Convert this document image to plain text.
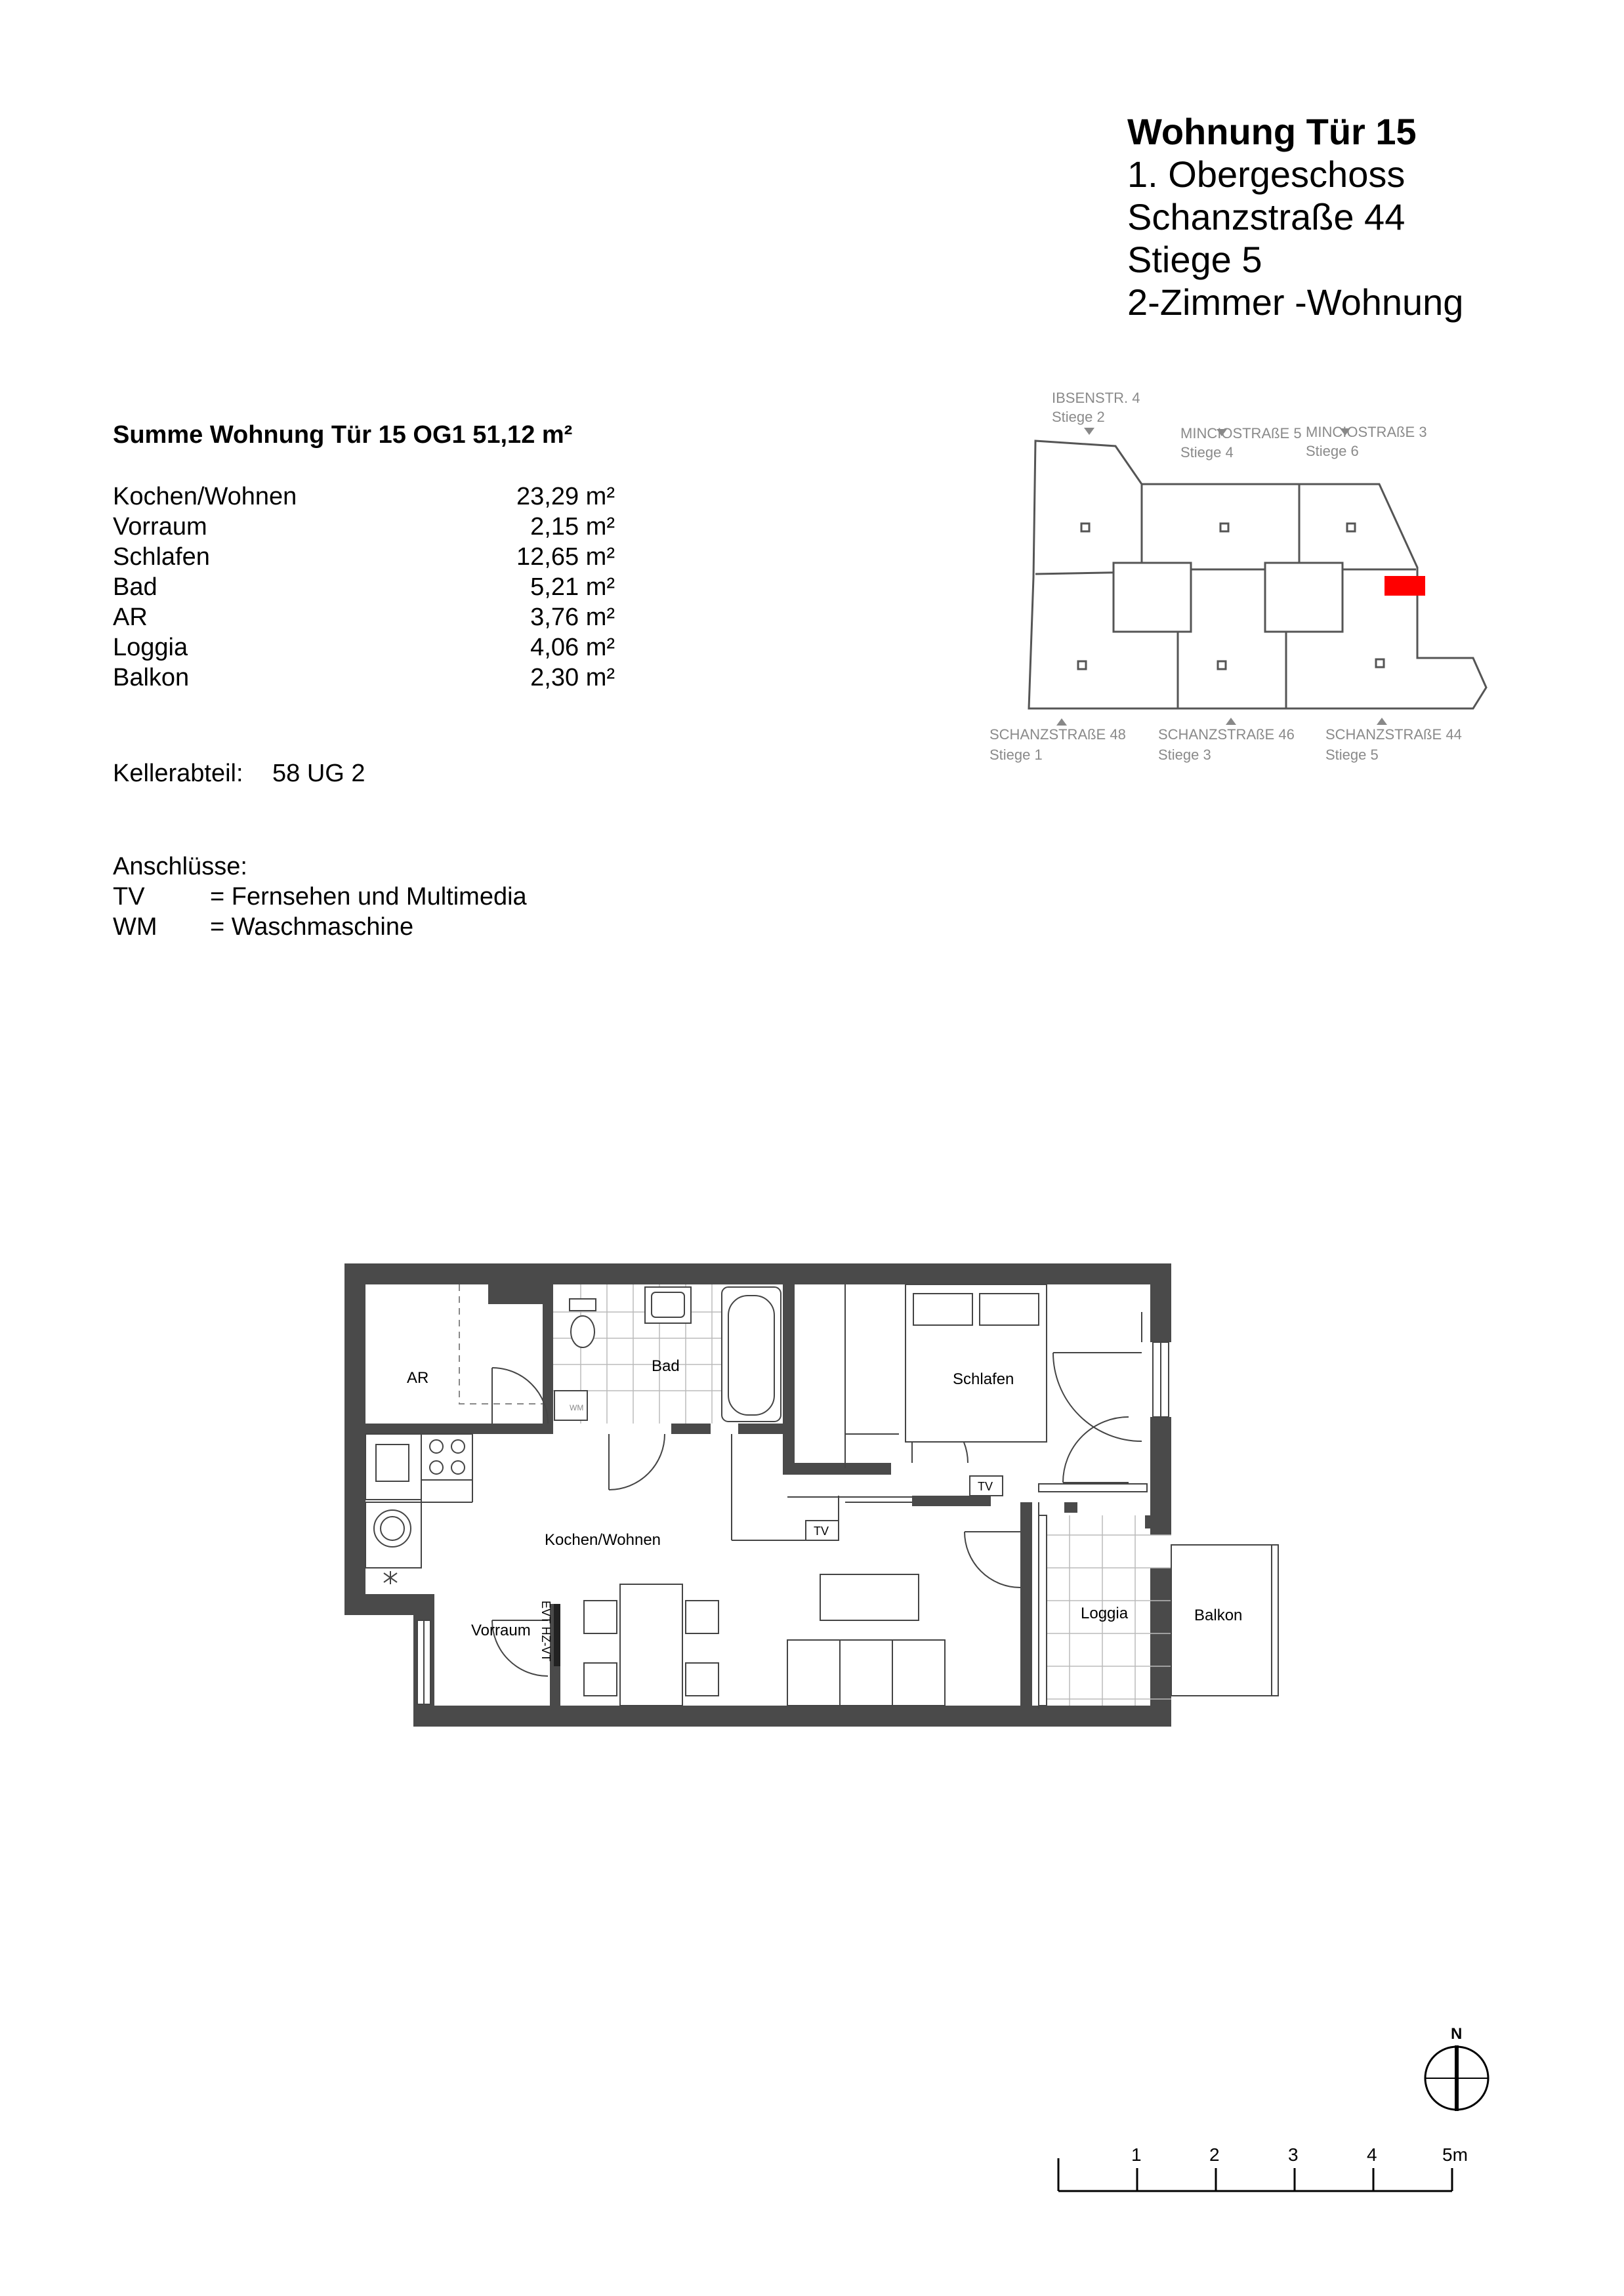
Wohnung Tür 15
1. Obergeschoss
Schanzstraße 44
Stiege 5
2-Zimmer -Wohnung
Summe Wohnung Tür 15 OG1 51,12 m²
Kochen/Wohnen	23,29 m²
Vorraum	2,15 m²
Schlafen	12,65 m²
Bad	5,21 m²
AR	3,76 m²
Loggia	4,06 m²
Balkon	2,30 m²
Kellerabteil: 58 UG 2
Anschlüsse:
TV	= Fernsehen und Multimedia
WM = Waschmaschine
IBSENSTR. 4
Stiege 2
MINCIOSTRAßE 5
Stiege 4
MINCIOSTRAßE 3
Stiege 6
SCHANZSTRAßE 48
Stiege 1
SCHANZSTRAßE 46
Stiege 3
SCHANZSTRAßE 44
Stiege 5
AR
Bad
Schlafen
Kochen/Wohnen
Vorraum
Loggia	Balkon
TV
TV
WM
EVT HZ-VT
N
1	2	3	4	5m
